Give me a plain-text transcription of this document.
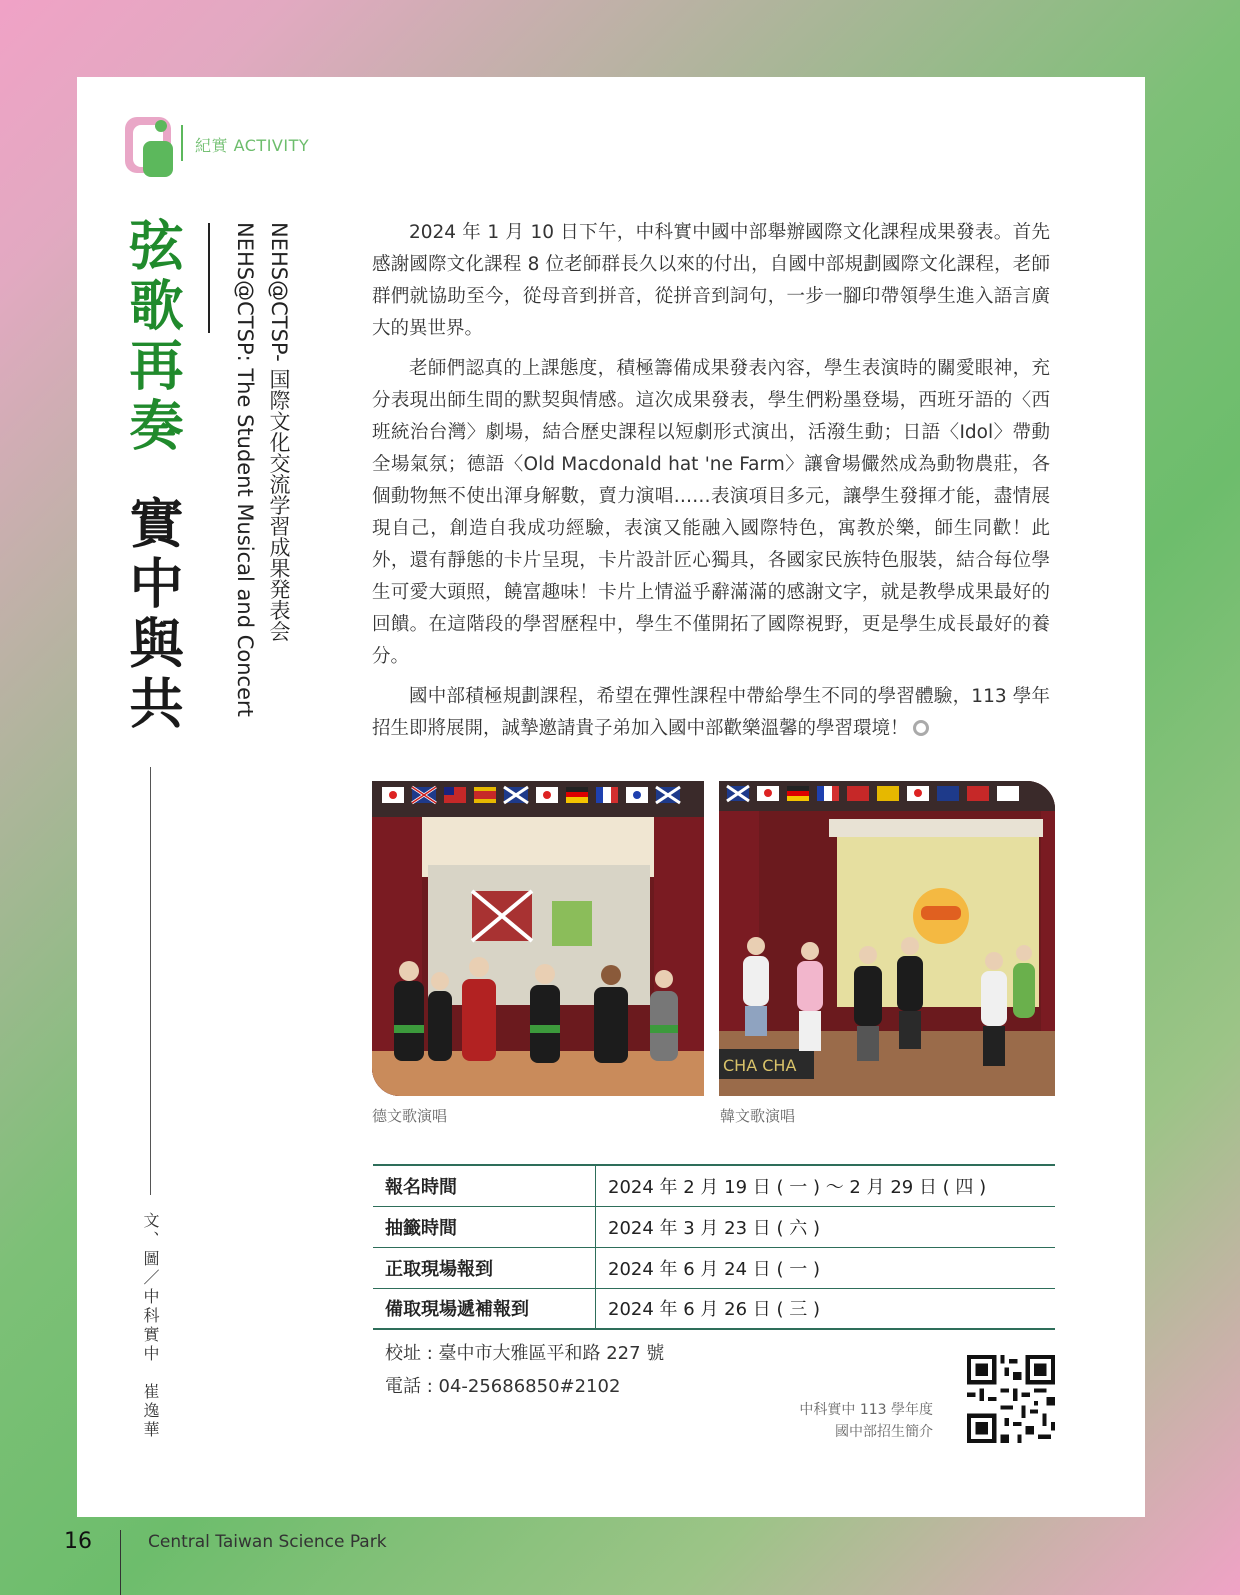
紀實 ACTIVITY
弦歌再奏
實中與共	NEHS@CTSP- 国際文化交流学習成果発表会
NEHS@CTSP: The Student Musical and Concert
文、圖／中科實中　崔逸華

2024 年 1 月 10 日下午，中科實中國中部舉辦國際文化課程成果發表。首先感謝國際文化課程 8 位老師群長久以來的付出，自國中部規劃國際文化課程，老師群們就協助至今，從母音到拼音，從拼音到詞句，一步一腳印帶領學生進入語言廣大的異世界。

老師們認真的上課態度，積極籌備成果發表內容，學生表演時的關愛眼神，充分表現出師生間的默契與情感。這次成果發表，學生們粉墨登場，西班牙語的〈西班統治台灣〉劇場，結合歷史課程以短劇形式演出，活潑生動；日語〈Idol〉帶動全場氣氛；德語〈Old Macdonald hat 'ne Farm〉讓會場儼然成為動物農莊，各個動物無不使出渾身解數，賣力演唱……表演項目多元，讓學生發揮才能，盡情展現自己，創造自我成功經驗，表演又能融入國際特色，寓教於樂，師生同歡！此外，還有靜態的卡片呈現，卡片設計匠心獨具，各國家民族特色服裝，結合每位學生可愛大頭照，饒富趣味！卡片上情溢乎辭滿滿的感謝文字，就是教學成果最好的回饋。在這階段的學習歷程中，學生不僅開拓了國際視野，更是學生成長最好的養分。

國中部積極規劃課程，希望在彈性課程中帶給學生不同的學習體驗，113 學年招生即將展開，誠摯邀請貴子弟加入國中部歡樂溫馨的學習環境！

CHA CHA
德文歌演唱	韓文歌演唱
報名時間	2024 年 2 月 19 日 ( 一 ) ～ 2 月 29 日 ( 四 )
抽籤時間	2024 年 3 月 23 日 ( 六 )
正取現場報到	2024 年 6 月 24 日 ( 一 )
備取現場遞補報到	2024 年 6 月 26 日 ( 三 )
校址 : 臺中市大雅區平和路 227 號
電話 : 04-25686850#2102
中科實中 113 學年度
國中部招生簡介
16	Central Taiwan Science Park
